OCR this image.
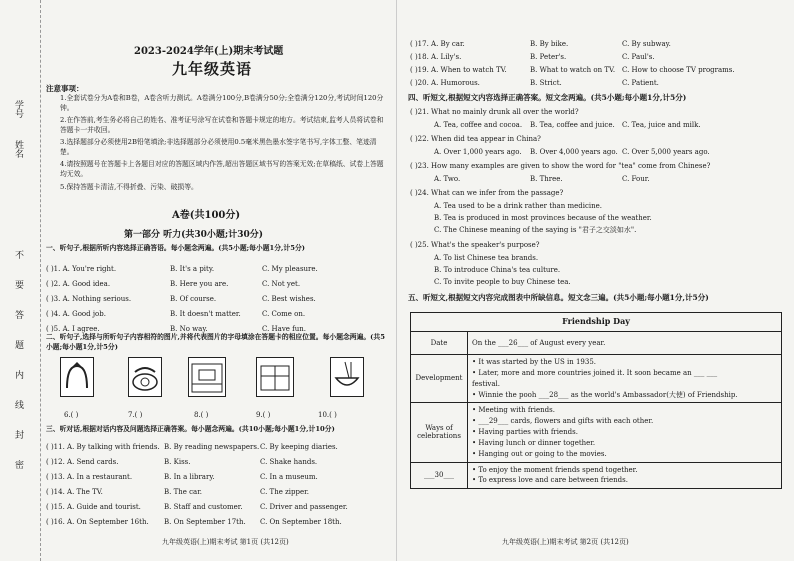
学号
姓名
不
要
答
题
内
线
封
密
2023-2024学年(上)期末考试题
九年级英语
注意事项：
1.全套试卷分为A卷和B卷，A卷含听力测试。A卷满分100分,B卷满分50分;全卷满分120分,考试时间120分钟。
2.在作答前,考生务必将自己的姓名、准考证号涂写在试卷和答题卡规定的地方。考试结束,监考人员将试卷和答题卡一并收回。
3.选择题部分必须使用2B铅笔填涂;非选择题部分必须使用0.5毫米黑色墨水签字笔书写,字体工整、笔迹清楚。
4.请按照题号在答题卡上各题目对应的答题区域内作答,超出答题区域书写的答案无效;在草稿纸、试卷上答题均无效。
5.保持答题卡清洁,不得折叠、污染、破损等。
A卷(共100分)
第一部分 听力(共30小题;计30分)
一、听句子,根据所听内容选择正确答语。每小题念两遍。(共5小题;每小题1分,计5分)
( )1. A. You're right.	B. It's a pity.	C. My pleasure.
( )2. A. Good idea.	B. Here you are.	C. Not yet.
( )3. A. Nothing serious.	B. Of course.	C. Best wishes.
( )4. A. Good job.	B. It doesn't matter.	C. Come on.
( )5. A. I agree.	B. No way.	C. Have fun.
二、听句子,选择与所听句子内容相符的图片,并将代表图片的字母填涂在答题卡的相应位置。每小题念两遍。(共5小题;每小题1分,计5分)
6.( )	7.( )	8.( )	9.( )	10.( )
三、听对话,根据对话内容及问题选择正确答案。每小题念两遍。(共10小题;每小题1分,计10分)
( )11. A. By talking with friends. B. By reading newspapers. C. By keeping diaries.
( )12. A. Send cards.	B. Kiss.	C. Shake hands.
( )13. A. In a restaurant.	B. In a library.	C. In a museum.
( )14. A. The TV.	B. The car.	C. The zipper.
( )15. A. Guide and tourist.	B. Staff and customer. C. Driver and passenger.
( )16. A. On September 16th. B. On September 17th. C. On September 18th.
九年级英语(上)期末考试 第1页 (共12页)
( )17. A. By car.	B. By bike.	C. By subway.
( )18. A. Lily's.	B. Peter's.	C. Paul's.
( )19. A. When to watch TV.	B. What to watch on TV. C. How to choose TV programs.
( )20. A. Humorous.	B. Strict.	C. Patient.
四、听短文,根据短文内容选择正确答案。短文念两遍。(共5小题;每小题1分,计5分)
( )21. What no mainly drunk all over the world?
A. Tea, coffee and cocoa. B. Tea, coffee and juice. C. Tea, juice and milk.
( )22. When did tea appear in China?
A. Over 1,000 years ago. B. Over 4,000 years ago. C. Over 5,000 years ago.
( )23. How many examples are given to show the word for "tea" come from Chinese?
A. Two.	B. Three.	C. Four.
( )24. What can we infer from the passage?
A. Tea used to be a drink rather than medicine.
B. Tea is produced in most provinces because of the weather.
C. The Chinese meaning of the saying is "君子之交淡如水".
( )25. What's the speaker's purpose?
A. To list Chinese tea brands.
B. To introduce China's tea culture.
C. To invite people to buy Chinese tea.
五、听短文,根据短文内容完成图表中所缺信息。短文念三遍。(共5小题;每小题1分,计5分)
Friendship Day	
Date	On the ___26___ of August every year.
Development	• It was started by the US in 1935.
• Later, more and more countries joined it. It soon became an ___ ___
festival.
• Winnie the pooh ___28___ as the world's Ambassador(大使) of Friendship.

Ways of celebrations	• Meeting with friends.
• ___29___ cards, flowers and gifts with each other.
• Having parties with friends.
• Having lunch or dinner together.
• Hanging out or going to the movies.

___30___	• To enjoy the moment friends spend together.
• To express love and care between friends.
九年级英语(上)期末考试 第2页 (共12页)
